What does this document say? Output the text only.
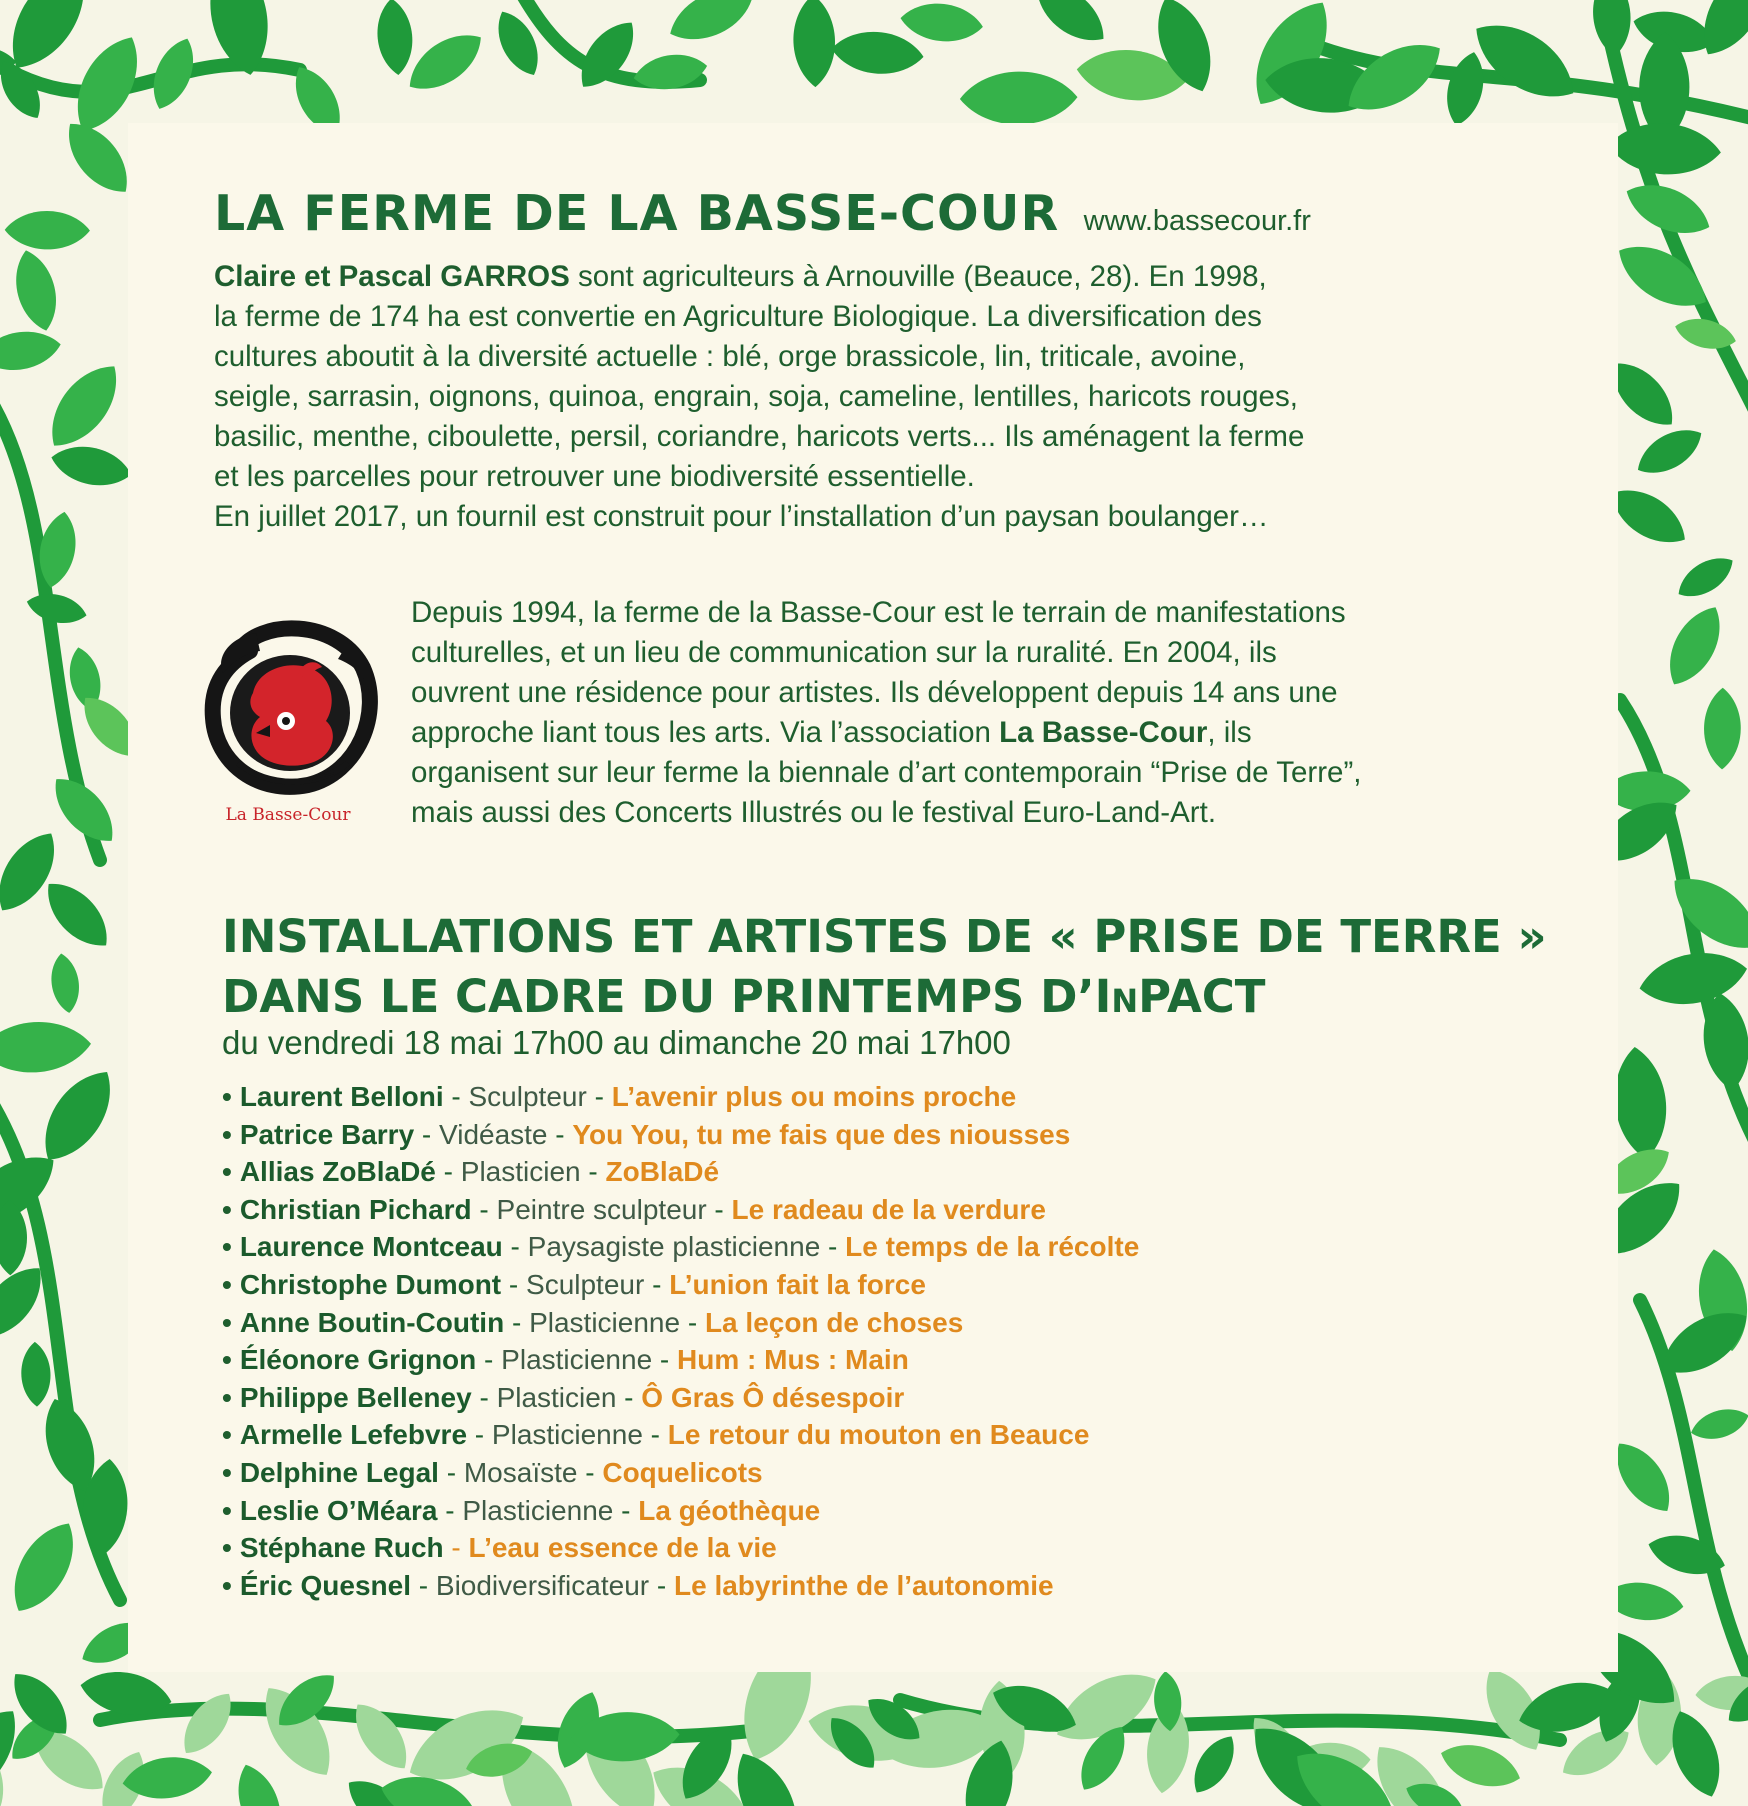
LA FERME DE LA BASSE-COUR www.bassecour.fr
Claire et Pascal GARROS sont agriculteurs à Arnouville (Beauce, 28). En 1998,
la ferme de 174 ha est convertie en Agriculture Biologique. La diversification des
cultures aboutit à la diversité actuelle : blé, orge brassicole, lin, triticale, avoine,
seigle, sarrasin, oignons, quinoa, engrain, soja, cameline, lentilles, haricots rouges,
basilic, menthe, ciboulette, persil, coriandre, haricots verts... Ils aménagent la ferme
et les parcelles pour retrouver une biodiversité essentielle.
En juillet 2017, un fournil est construit pour l’installation d’un paysan boulanger…
La Basse-Cour
Depuis 1994, la ferme de la Basse-Cour est le terrain de manifestations
culturelles, et un lieu de communication sur la ruralité. En 2004, ils
ouvrent une résidence pour artistes. Ils développent depuis 14 ans une
approche liant tous les arts. Via l’association La Basse-Cour, ils
organisent sur leur ferme la biennale d’art contemporain “Prise de Terre”,
mais aussi des Concerts Illustrés ou le festival Euro-Land-Art.
INSTALLATIONS ET ARTISTES DE « PRISE DE TERRE »
DANS LE CADRE DU PRINTEMPS D’INPACT
du vendredi 18 mai 17h00 au dimanche 20 mai 17h00
• Laurent Belloni - Sculpteur - L’avenir plus ou moins proche
• Patrice Barry - Vidéaste - You You, tu me fais que des niousses
• Allias ZoBlaDé - Plasticien - ZoBlaDé
• Christian Pichard - Peintre sculpteur - Le radeau de la verdure
• Laurence Montceau - Paysagiste plasticienne - Le temps de la récolte
• Christophe Dumont - Sculpteur - L’union fait la force
• Anne Boutin-Coutin - Plasticienne - La leçon de choses
• Éléonore Grignon - Plasticienne - Hum : Mus : Main
• Philippe Belleney - Plasticien - Ô Gras Ô désespoir
• Armelle Lefebvre - Plasticienne - Le retour du mouton en Beauce
• Delphine Legal - Mosaïste - Coquelicots
• Leslie O’Méara - Plasticienne - La géothèque
• Stéphane Ruch - L’eau essence de la vie
• Éric Quesnel - Biodiversificateur - Le labyrinthe de l’autonomie
